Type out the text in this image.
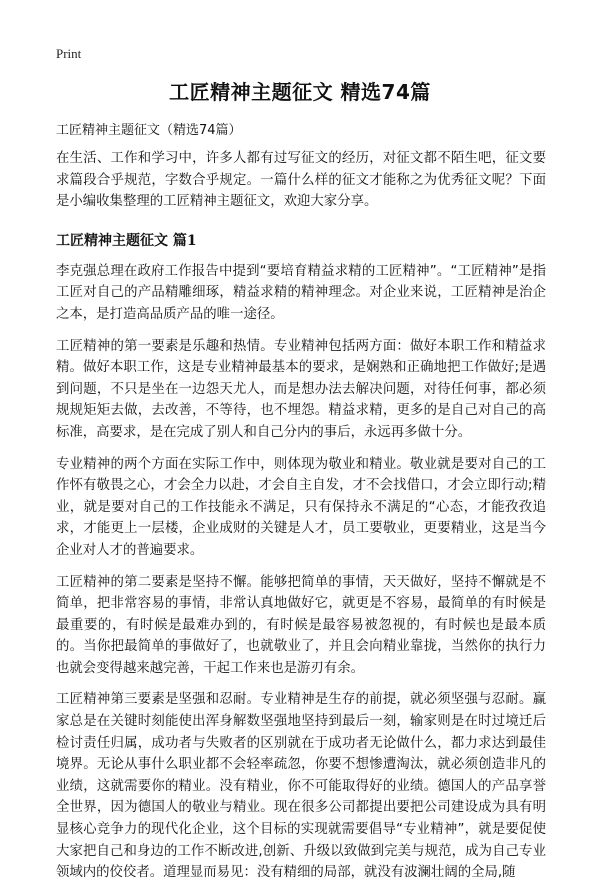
Print
工匠精神主题征文 精选74篇

工匠精神主题征文（精选74篇）

在生活、工作和学习中，许多人都有过写征文的经历，对征文都不陌生吧，征文要求篇段合乎规范，字数合乎规定。一篇什么样的征文才能称之为优秀征文呢？下面是小编收集整理的工匠精神主题征文，欢迎大家分享。

工匠精神主题征文 篇1

李克强总理在政府工作报告中提到“要培育精益求精的工匠精神”。“工匠精神”是指工匠对自己的产品精雕细琢，精益求精的精神理念。对企业来说，工匠精神是治企之本，是打造高品质产品的唯一途径。

工匠精神的第一要素是乐趣和热情。专业精神包括两方面：做好本职工作和精益求精。做好本职工作，这是专业精神最基本的要求，是娴熟和正确地把工作做好;是遇到问题，不只是坐在一边怨天尤人，而是想办法去解决问题，对待任何事，都必须规规矩矩去做，去改善，不等待，也不埋怨。精益求精，更多的是自己对自己的高标准，高要求，是在完成了别人和自己分内的事后，永远再多做十分。

专业精神的两个方面在实际工作中，则体现为敬业和精业。敬业就是要对自己的工作怀有敬畏之心，才会全力以赴，才会自主自发，才不会找借口，才会立即行动;精业，就是要对自己的工作技能永不满足，只有保持永不满足的“心态，才能孜孜追求，才能更上一层楼，企业成财的关键是人才，员工要敬业，更要精业，这是当今企业对人才的普遍要求。

工匠精神的第二要素是坚持不懈。能够把简单的事情，天天做好，坚持不懈就是不简单，把非常容易的事情，非常认真地做好它，就更是不容易，最简单的有时候是最重要的，有时候是最难办到的，有时候是最容易被忽视的，有时候也是最本质的。当你把最简单的事做好了，也就敬业了，并且会向精业靠拢，当然你的执行力也就会变得越来越完善，干起工作来也是游刃有余。

工匠精神第三要素是坚强和忍耐。专业精神是生存的前提，就必须坚强与忍耐。赢家总是在关键时刻能使出浑身解数坚强地坚持到最后一刻，输家则是在时过境迁后检讨责任归属，成功者与失败者的区别就在于成功者无论做什么，都力求达到最佳境界。无论从事什么职业都不会轻率疏忽，你要不想惨遭淘汰，就必须创造非凡的业绩，这就需要你的精业。没有精业，你不可能取得好的业绩。德国人的产品享誉全世界，因为德国人的敬业与精业。现在很多公司都提出要把公司建设成为具有明显核心竞争力的现代化企业，这个目标的实现就需要倡导“专业精神”，就是要促使大家把自己和身边的工作不断改进,创新、升级以致做到完美与规范，成为自己专业领域内的佼佼者。道理显而易见：没有精细的局部，就没有波澜壮阔的全局,随
